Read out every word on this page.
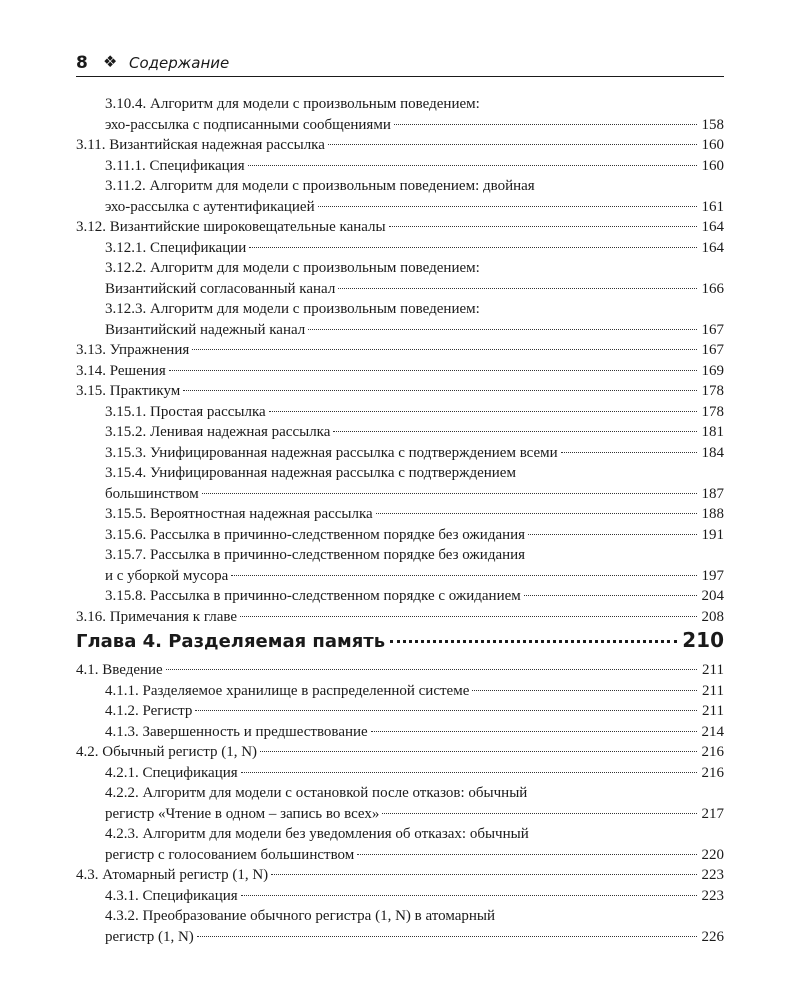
8 ❖ Содержание
3.10.4. Алгоритм для модели с произвольным поведением:
эхо-рассылка с подписанными сообщениями	158
3.11. Византийская надежная рассылка	160
3.11.1. Спецификация	160
3.11.2. Алгоритм для модели с произвольным поведением: двойная
эхо-рассылка с аутентификацией	161
3.12. Византийские широковещательные каналы	164
3.12.1. Спецификации	164
3.12.2. Алгоритм для модели с произвольным поведением:
Византийский согласованный канал	166
3.12.3. Алгоритм для модели с произвольным поведением:
Византийский надежный канал	167
3.13. Упражнения	167
3.14. Решения	169
3.15. Практикум	178
3.15.1. Простая рассылка	178
3.15.2. Ленивая надежная рассылка	181
3.15.3. Унифицированная надежная рассылка с подтверждением всеми	184
3.15.4. Унифицированная надежная рассылка с подтверждением
большинством	187
3.15.5. Вероятностная надежная рассылка	188
3.15.6. Рассылка в причинно-следственном порядке без ожидания	191
3.15.7. Рассылка в причинно-следственном порядке без ожидания
и с уборкой мусора	197
3.15.8. Рассылка в причинно-следственном порядке с ожиданием	204
3.16. Примечания к главе	208
Глава 4. Разделяемая память	210
4.1. Введение	211
4.1.1. Разделяемое хранилище в распределенной системе	211
4.1.2. Регистр	211
4.1.3. Завершенность и предшествование	214
4.2. Обычный регистр (1, N)	216
4.2.1. Спецификация	216
4.2.2. Алгоритм для модели с остановкой после отказов: обычный
регистр «Чтение в одном – запись во всех»	217
4.2.3. Алгоритм для модели без уведомления об отказах: обычный
регистр с голосованием большинством	220
4.3. Атомарный регистр (1, N)	223
4.3.1. Спецификация	223
4.3.2. Преобразование обычного регистра (1, N) в атомарный
регистр (1, N)	226
